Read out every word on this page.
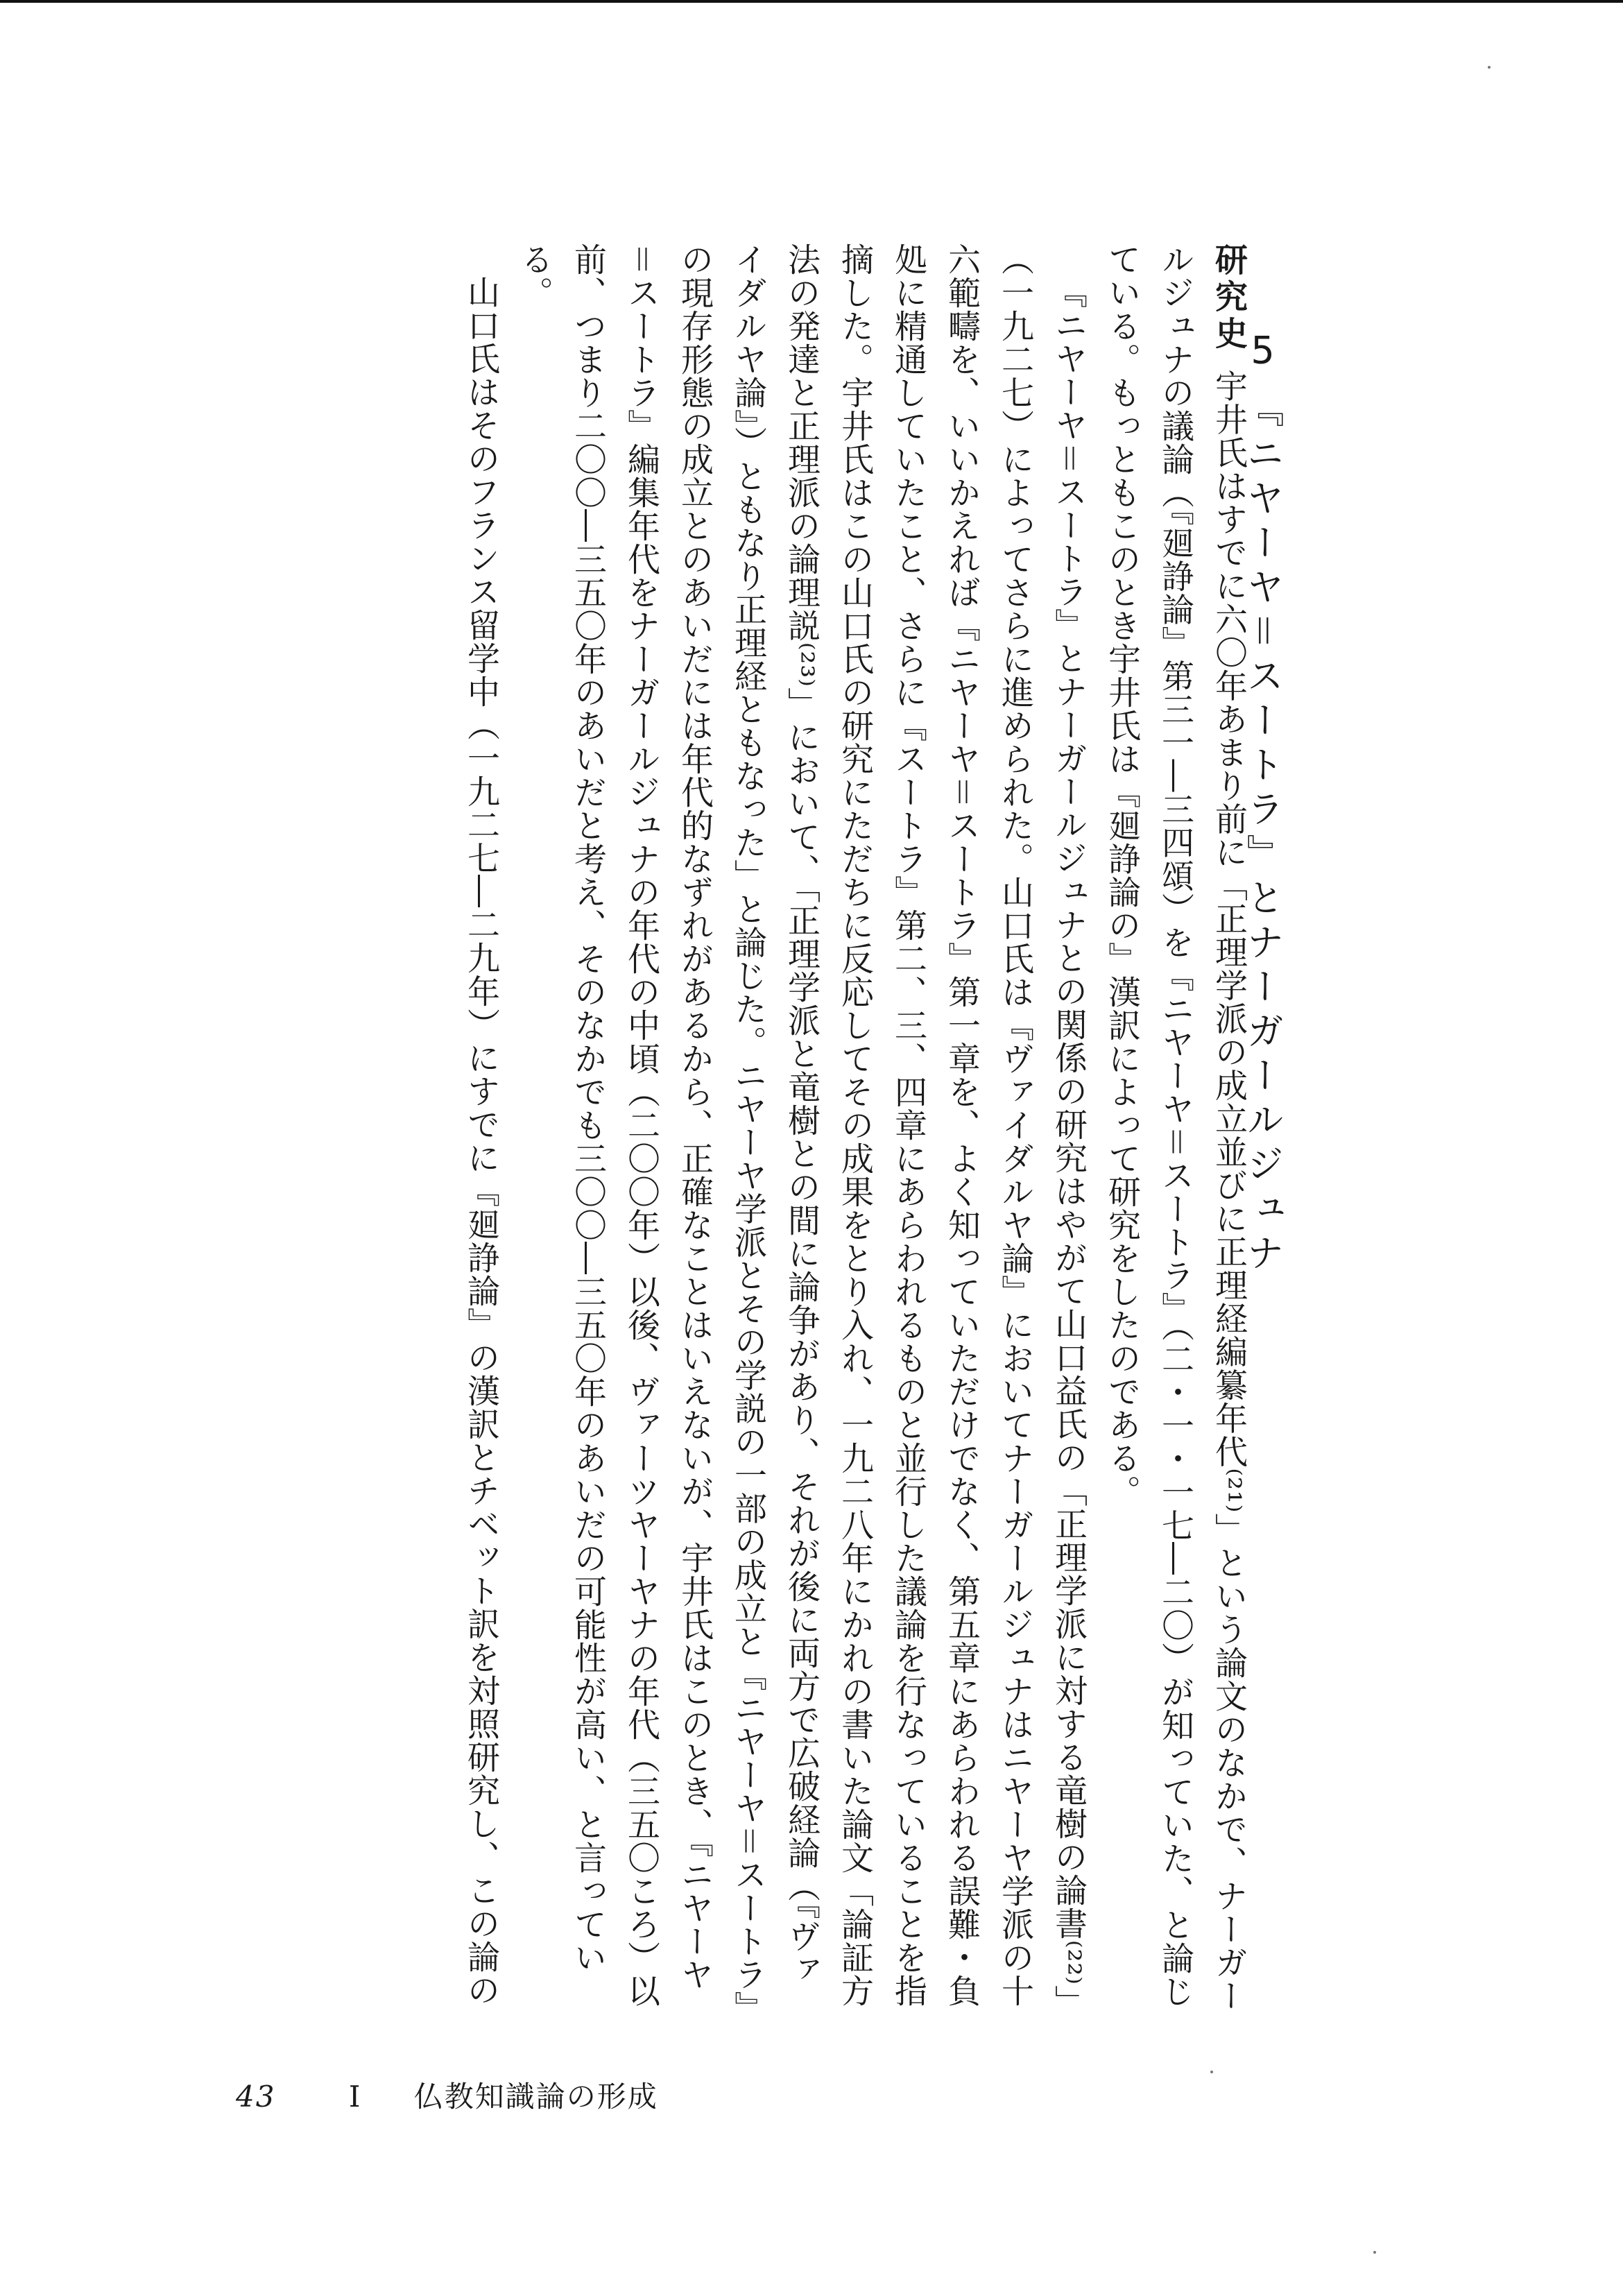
5『ニヤーヤ＝スートラ』とナーガールジュナ

研究史宇井氏はすでに六〇年あまり前に「正理学派の成立並びに正理経編纂年代⁽²¹⁾」という論文のなかで、ナーガールジュナの議論（『廻諍論』第三一―三四頌）を『ニヤーヤ＝スートラ』（二・一・一七―二〇）が知っていた、と論じている。もっともこのとき宇井氏は『廻諍論の』漢訳によって研究をしたのである。

『ニヤーヤ＝スートラ』とナーガールジュナとの関係の研究はやがて山口益氏の「正理学派に対する竜樹の論書⁽²²⁾」（一九二七）によってさらに進められた。山口氏は『ヴァイダルヤ論』においてナーガールジュナはニヤーヤ学派の十六範疇を、いいかえれば『ニヤーヤ＝スートラ』第一章を、よく知っていただけでなく、第五章にあらわれる誤難・負処に精通していたこと、さらに『スートラ』第二、三、四章にあらわれるものと並行した議論を行なっていることを指摘した。宇井氏はこの山口氏の研究にただちに反応してその成果をとり入れ、一九二八年にかれの書いた論文「論証方法の発達と正理派の論理説⁽²³⁾」において、「正理学派と竜樹との間に論争があり、それが後に両方で広破経論（『ヴァイダルヤ論』）ともなり正理経ともなった」と論じた。ニヤーヤ学派とその学説の一部の成立と『ニヤーヤ＝スートラ』の現存形態の成立とのあいだには年代的なずれがあるから、正確なことはいえないが、宇井氏はこのとき、『ニヤーヤ＝スートラ』編集年代をナーガールジュナの年代の中頃（二〇〇年）以後、ヴァーツヤーヤナの年代（三五〇ころ）以前、つまり二〇〇―三五〇年のあいだと考え、そのなかでも三〇〇―三五〇年のあいだの可能性が高い、と言っている。

山口氏はそのフランス留学中（一九二七―二九年）にすでに『廻諍論』の漢訳とチベット訳を対照研究し、この論の

43	I 仏教知識論の形成
